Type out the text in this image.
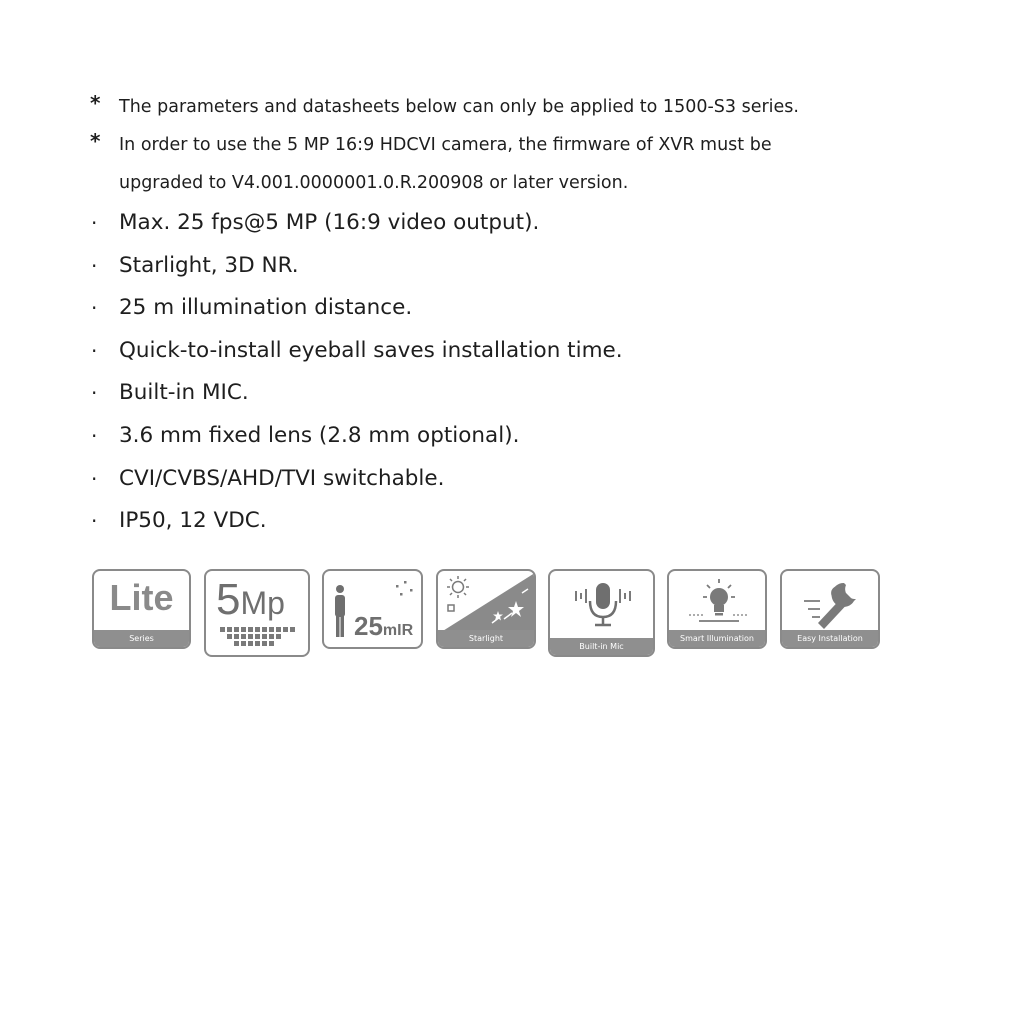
* The parameters and datasheets below can only be applied to 1500-S3 series.
* In order to use the 5 MP 16:9 HDCVI camera, the firmware of XVR must be
upgraded to V4.001.0000001.0.R.200908 or later version.
· Max. 25 fps@5 MP (16:9 video output).
· Starlight, 3D NR.
· 25 m illumination distance.
· Quick-to-install eyeball saves installation time.
· Built-in MIC.
· 3.6 mm fixed lens (2.8 mm optional).
· CVI/CVBS/AHD/TVI switchable.
· IP50, 12 VDC.
Lite
Series
5Mp
25mIR	Starlight
Built-in Mic
Smart Illumination	Easy Installation
